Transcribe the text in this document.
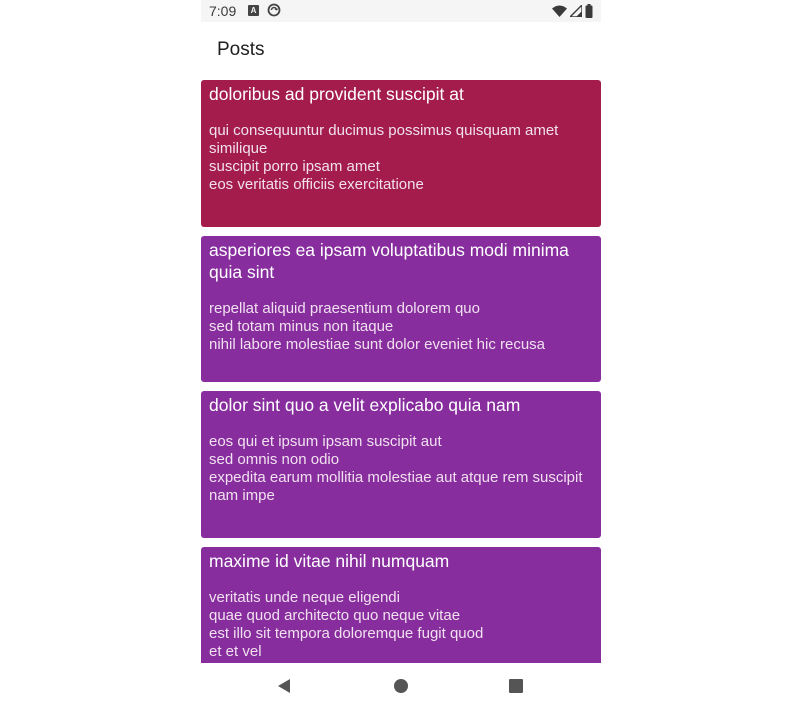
7:09	A
Posts
doloribus ad provident suscipit at
qui consequuntur ducimus possimus quisquam amet similique
suscipit porro ipsam amet
eos veritatis officiis exercitatione
asperiores ea ipsam voluptatibus modi minima quia sint
repellat aliquid praesentium dolorem quo
sed totam minus non itaque
nihil labore molestiae sunt dolor eveniet hic recusa
dolor sint quo a velit explicabo quia nam
eos qui et ipsum ipsam suscipit aut
sed omnis non odio
expedita earum mollitia molestiae aut atque rem suscipit
nam impe
maxime id vitae nihil numquam
veritatis unde neque eligendi
quae quod architecto quo neque vitae
est illo sit tempora doloremque fugit quod
et et vel
